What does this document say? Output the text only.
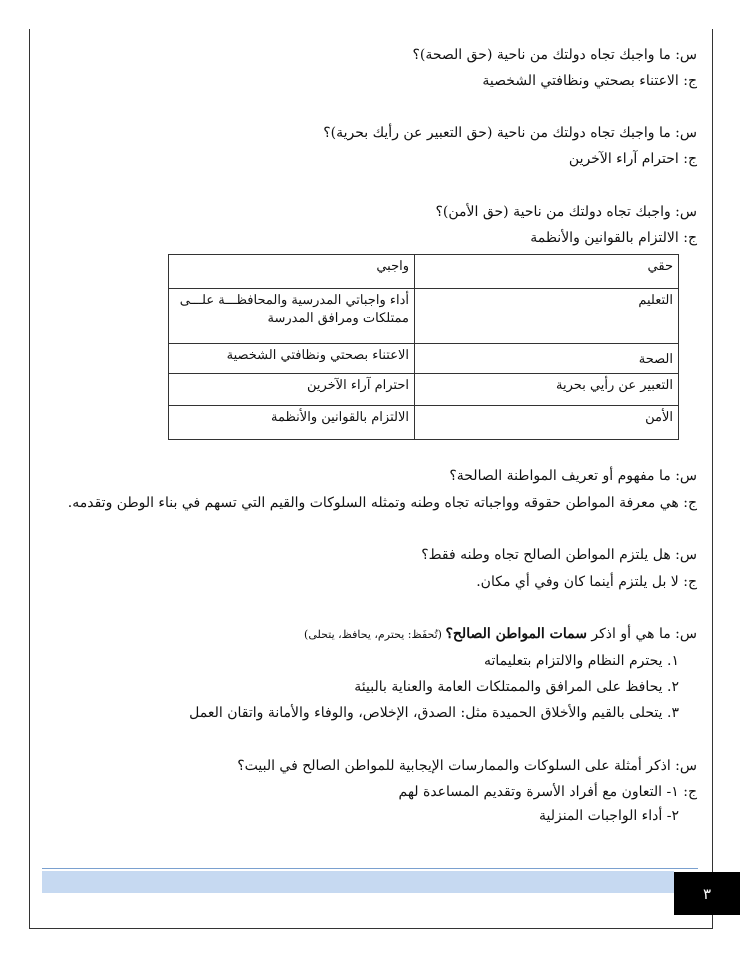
س: ما واجبك تجاه دولتك من ناحية (حق الصحة)؟

ج: الاعتناء بصحتي ونظافتي الشخصية

س: ما واجبك تجاه دولتك من ناحية (حق التعبير عن رأيك بحرية)؟

ج: احترام آراء الآخرين

س: واجبك تجاه دولتك من ناحية (حق الأمن)؟

ج: الالتزام بالقوانين والأنظمة

حقي	واجبي
التعليم	أداء واجباتي المدرسية والمحافظـــة علـــى ممتلكات ومرافق المدرسة
الصحة	الاعتناء بصحتي ونظافتي الشخصية
التعبير عن رأيي بحرية	احترام آراء الآخرين
الأمن	الالتزام بالقوانين والأنظمة

س: ما مفهوم أو تعريف المواطنة الصالحة؟

ج: هي معرفة المواطن حقوقه وواجباته تجاه وطنه وتمثله السلوكات والقيم التي تسهم في بناء الوطن وتقدمه.

س: هل يلتزم المواطن الصالح تجاه وطنه فقط؟

ج: لا بل يلتزم أينما كان وفي أي مكان.

س: ما هي أو اذكر سمات المواطن الصالح؟ (تُحفَظ: يحترم، يحافظ، يتحلى)

١. يحترم النظام والالتزام بتعليماته

٢. يحافظ على المرافق والممتلكات العامة والعناية بالبيئة

٣. يتحلى بالقيم والأخلاق الحميدة مثل: الصدق، الإخلاص، والوفاء والأمانة واتقان العمل

س: اذكر أمثلة على السلوكات والممارسات الإيجابية للمواطن الصالح في البيت؟

ج: ١- التعاون مع أفراد الأسرة وتقديم المساعدة لهم

٢- أداء الواجبات المنزلية

٣
